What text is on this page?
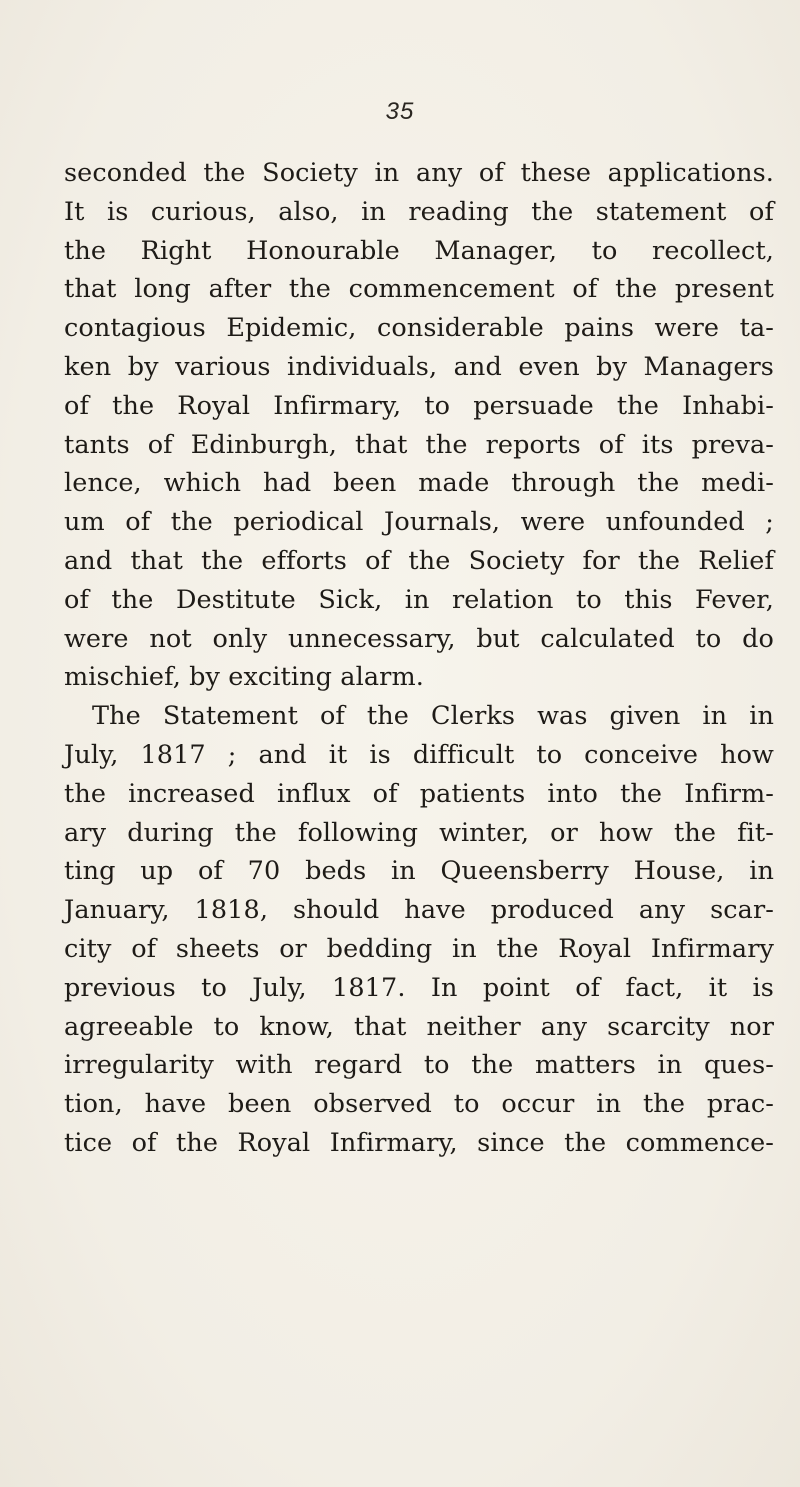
35
seconded the Society in any of these applications.
It is curious, also, in reading the statement of
the Right Honourable Manager, to recollect,
that long after the commencement of the present
contagious Epidemic, considerable pains were ta-
ken by various individuals, and even by Managers
of the Royal Infirmary, to persuade the Inhabi-
tants of Edinburgh, that the reports of its preva-
lence, which had been made through the medi-
um of the periodical Journals, were unfounded ;
and that the efforts of the Society for the Relief
of the Destitute Sick, in relation to this Fever,
were not only unnecessary, but calculated to do
mischief, by exciting alarm.
The Statement of the Clerks was given in in
July, 1817 ; and it is difficult to conceive how
the increased influx of patients into the Infirm-
ary during the following winter, or how the fit-
ting up of 70 beds in Queensberry House, in
January, 1818, should have produced any scar-
city of sheets or bedding in the Royal Infirmary
previous to July, 1817. In point of fact, it is
agreeable to know, that neither any scarcity nor
irregularity with regard to the matters in ques-
tion, have been observed to occur in the prac-
tice of the Royal Infirmary, since the commence-
